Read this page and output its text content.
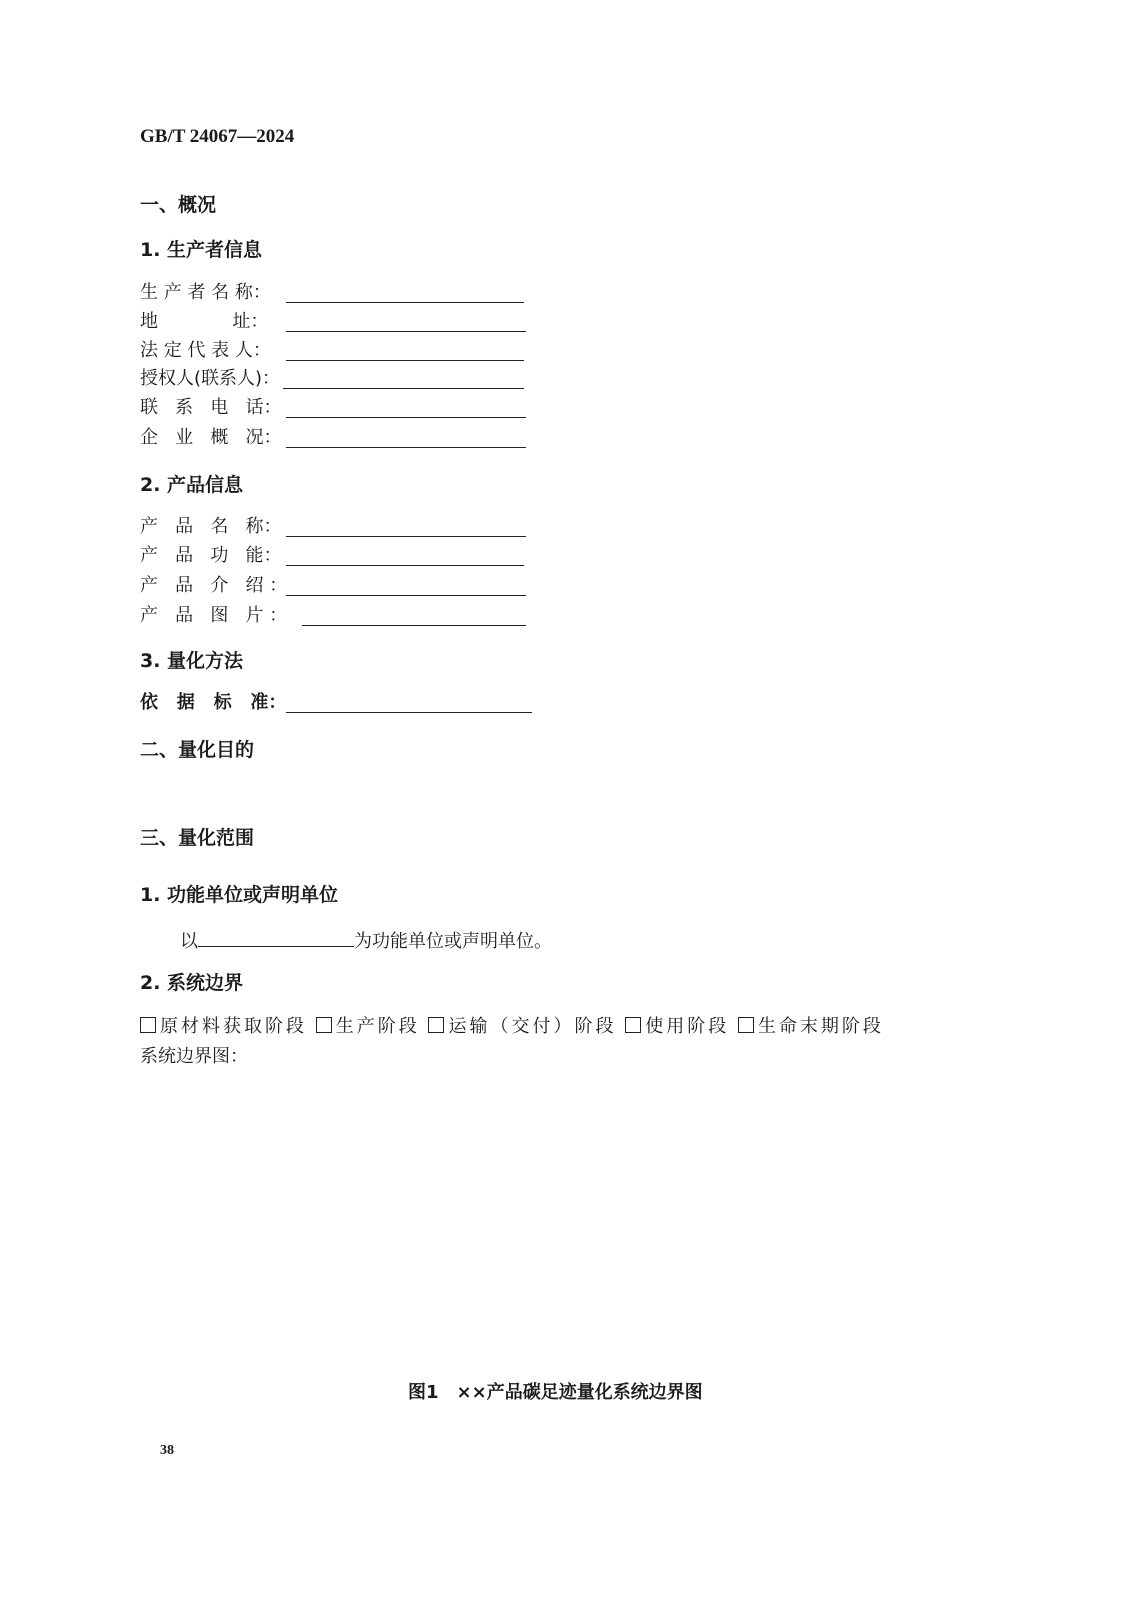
GB/T 24067—2024
一、概况
1. 生产者信息
生 产 者 名 称：
地             址：
法 定 代 表 人：
授权人(联系人)：
联   系   电   话：
企   业   概   况：
2. 产品信息
产   品   名   称：
产   品   功   能：
产   品   介   绍 ：
产   品   图   片 ：
3. 量化方法
依   据   标   准：
二、量化目的
三、量化范围
1. 功能单位或声明单位
以	为功能单位或声明单位。
2. 系统边界
原材料获取阶段 生产阶段 运输（交付）阶段 使用阶段 生命末期阶段
系统边界图：
图1　××产品碳足迹量化系统边界图
38
